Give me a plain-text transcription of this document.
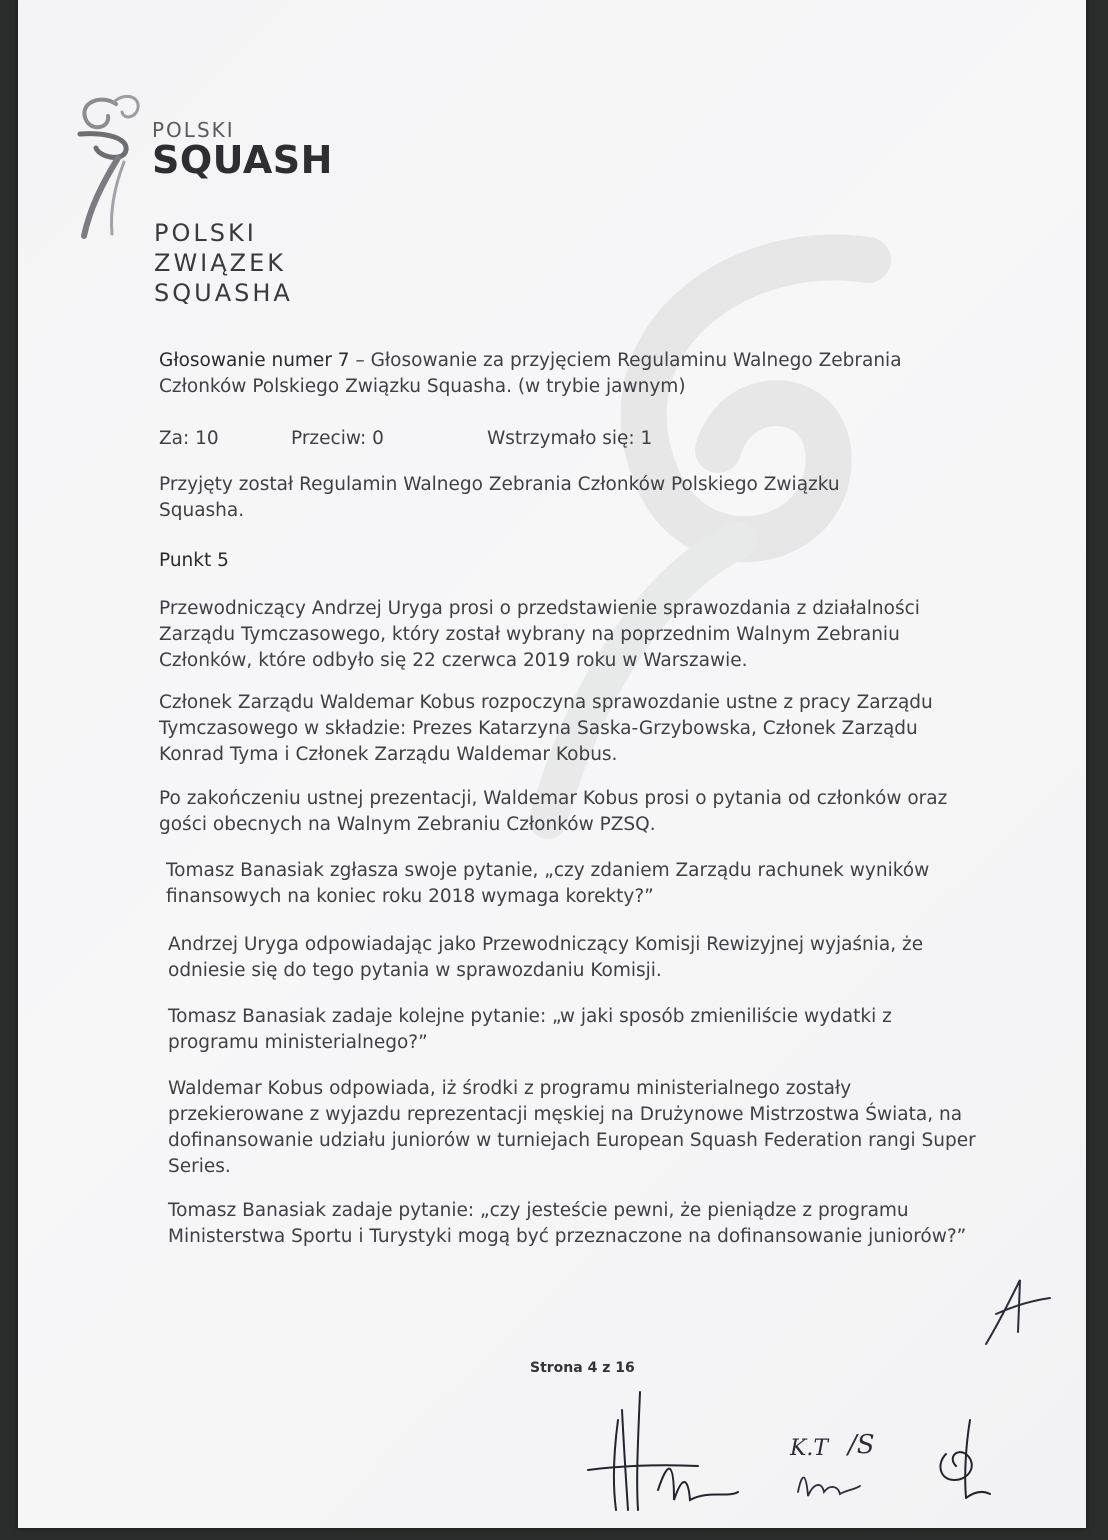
POLSKI
SQUASH
POLSKI
ZWIĄZEK
SQUASHA
Głosowanie numer 7 – Głosowanie za przyjęciem Regulaminu Walnego Zebrania Członków Polskiego Związku Squasha. (w trybie jawnym)
Za: 10	Przeciw: 0	Wstrzymało się: 1
Przyjęty został Regulamin Walnego Zebrania Członków Polskiego Związku Squasha.
Punkt 5
Przewodniczący Andrzej Uryga prosi o przedstawienie sprawozdania z działalności Zarządu Tymczasowego, który został wybrany na poprzednim Walnym Zebraniu Członków, które odbyło się 22 czerwca 2019 roku w Warszawie.
Członek Zarządu Waldemar Kobus rozpoczyna sprawozdanie ustne z pracy Zarządu Tymczasowego w składzie: Prezes Katarzyna Saska-Grzybowska, Członek Zarządu Konrad Tyma i Członek Zarządu Waldemar Kobus.
Po zakończeniu ustnej prezentacji, Waldemar Kobus prosi o pytania od członków oraz gości obecnych na Walnym Zebraniu Członków PZSQ.
Tomasz Banasiak zgłasza swoje pytanie, „czy zdaniem Zarządu rachunek wyników finansowych na koniec roku 2018 wymaga korekty?”
Andrzej Uryga odpowiadając jako Przewodniczący Komisji Rewizyjnej wyjaśnia, że odniesie się do tego pytania w sprawozdaniu Komisji.
Tomasz Banasiak zadaje kolejne pytanie: „w jaki sposób zmieniliście wydatki z programu ministerialnego?”
Waldemar Kobus odpowiada, iż środki z programu ministerialnego zostały przekierowane z wyjazdu reprezentacji męskiej na Drużynowe Mistrzostwa Świata, na dofinansowanie udziału juniorów w turniejach European Squash Federation rangi Super Series.
Tomasz Banasiak zadaje pytanie: „czy jesteście pewni, że pieniądze z programu Ministerstwa Sportu i Turystyki mogą być przeznaczone na dofinansowanie juniorów?”
Strona 4 z 16
K.T /S
